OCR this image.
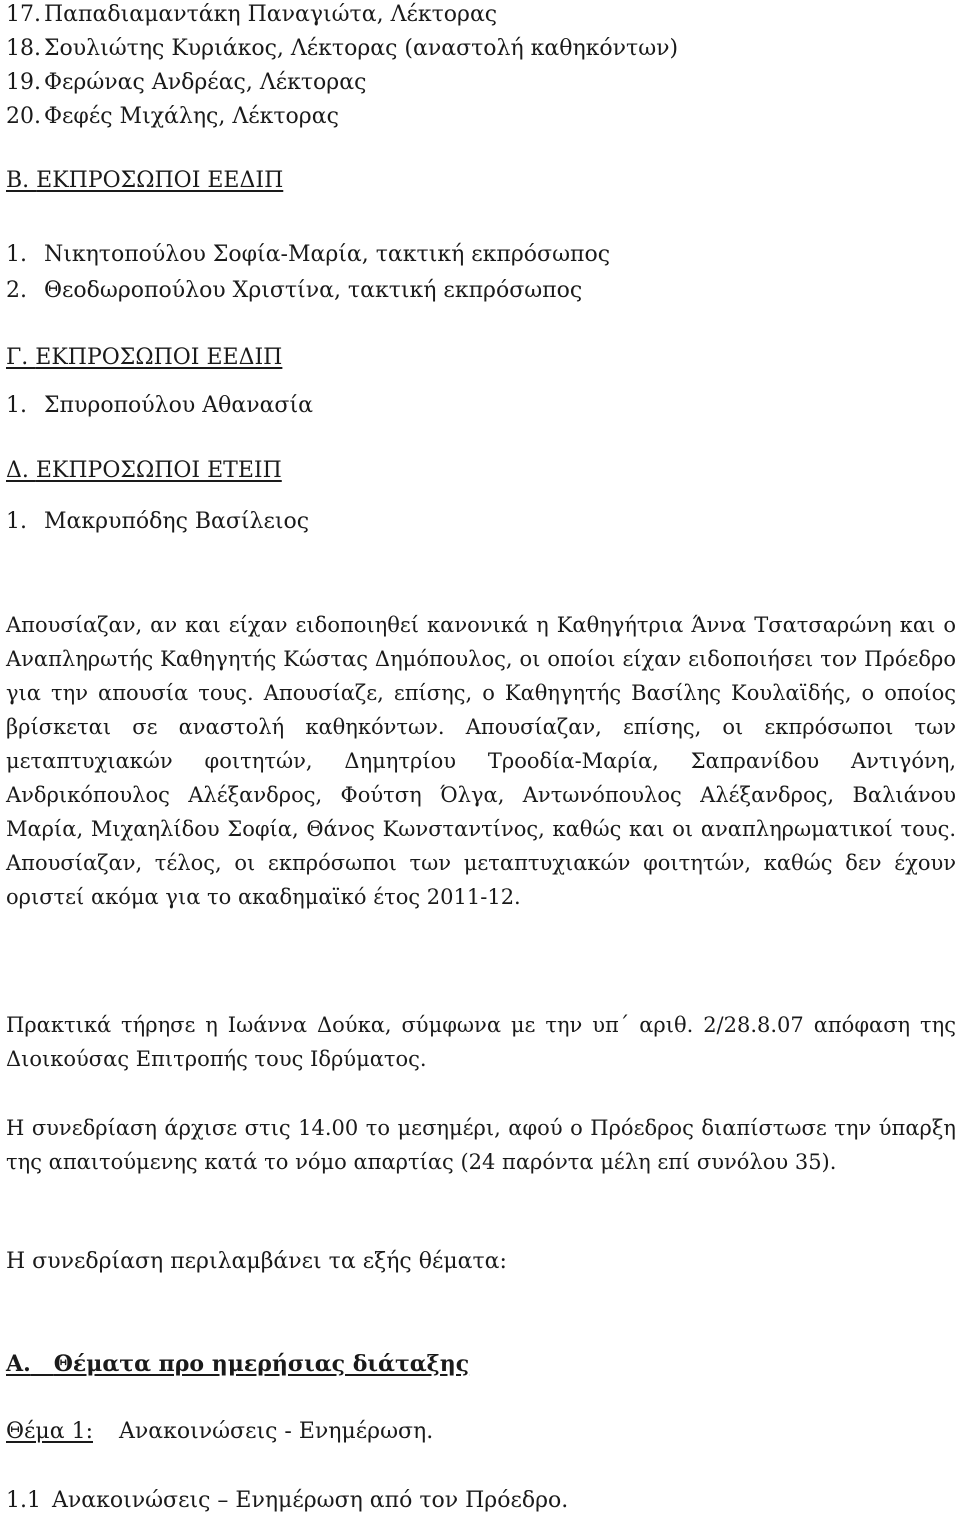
17. Παπαδιαμαντάκη Παναγιώτα, Λέκτορας
18. Σουλιώτης Κυριάκος, Λέκτορας (αναστολή καθηκόντων)
19. Φερώνας Ανδρέας, Λέκτορας
20. Φεφές Μιχάλης, Λέκτορας
Β. ΕΚΠΡΟΣΩΠΟΙ ΕΕΔΙΠ
1. Νικητοπούλου Σοφία-Μαρία, τακτική εκπρόσωπος
2. Θεοδωροπούλου Χριστίνα, τακτική εκπρόσωπος
Γ. ΕΚΠΡΟΣΩΠΟΙ ΕΕΔΙΠ
1. Σπυροπούλου Αθανασία
Δ. ΕΚΠΡΟΣΩΠΟΙ ΕΤΕΙΠ
1. Μακρυπόδης Βασίλειος
Απουσίαζαν, αν και είχαν ειδοποιηθεί κανονικά η Καθηγήτρια Άννα Τσατσαρώνη και ο Αναπληρωτής Καθηγητής Κώστας Δημόπουλος, οι οποίοι είχαν ειδοποιήσει τον Πρόεδρο για την απουσία τους. Απουσίαζε, επίσης, ο Καθηγητής Βασίλης Κουλαϊδής, ο οποίος βρίσκεται σε αναστολή καθηκόντων. Απουσίαζαν, επίσης, οι εκπρόσωποι των μεταπτυχιακών φοιτητών, Δημητρίου Τροοδία-Μαρία, Σαπρανίδου Αντιγόνη, Ανδρικόπουλος Αλέξανδρος, Φούτση Όλγα, Αντωνόπουλος Αλέξανδρος, Βαλιάνου Μαρία, Μιχαηλίδου Σοφία, Θάνος Κωνσταντίνος, καθώς και οι αναπληρωματικοί τους. Απουσίαζαν, τέλος, οι εκπρόσωποι των μεταπτυχιακών φοιτητών, καθώς δεν έχουν οριστεί ακόμα για το ακαδημαϊκό έτος 2011-12.
Πρακτικά τήρησε η Ιωάννα Δούκα, σύμφωνα με την υπ΄ αριθ. 2/28.8.07 απόφαση της Διοικούσας Επιτροπής τους Ιδρύματος.
Η συνεδρίαση άρχισε στις 14.00 το μεσημέρι, αφού ο Πρόεδρος διαπίστωσε την ύπαρξη της απαιτούμενης κατά το νόμο απαρτίας (24 παρόντα μέλη επί συνόλου 35).
Η συνεδρίαση περιλαμβάνει τα εξής θέματα:
Α. Θέματα προ ημερήσιας διάταξης
Θέμα 1: Ανακοινώσεις - Ενημέρωση.
1.1 Ανακοινώσεις – Ενημέρωση από τον Πρόεδρο.
